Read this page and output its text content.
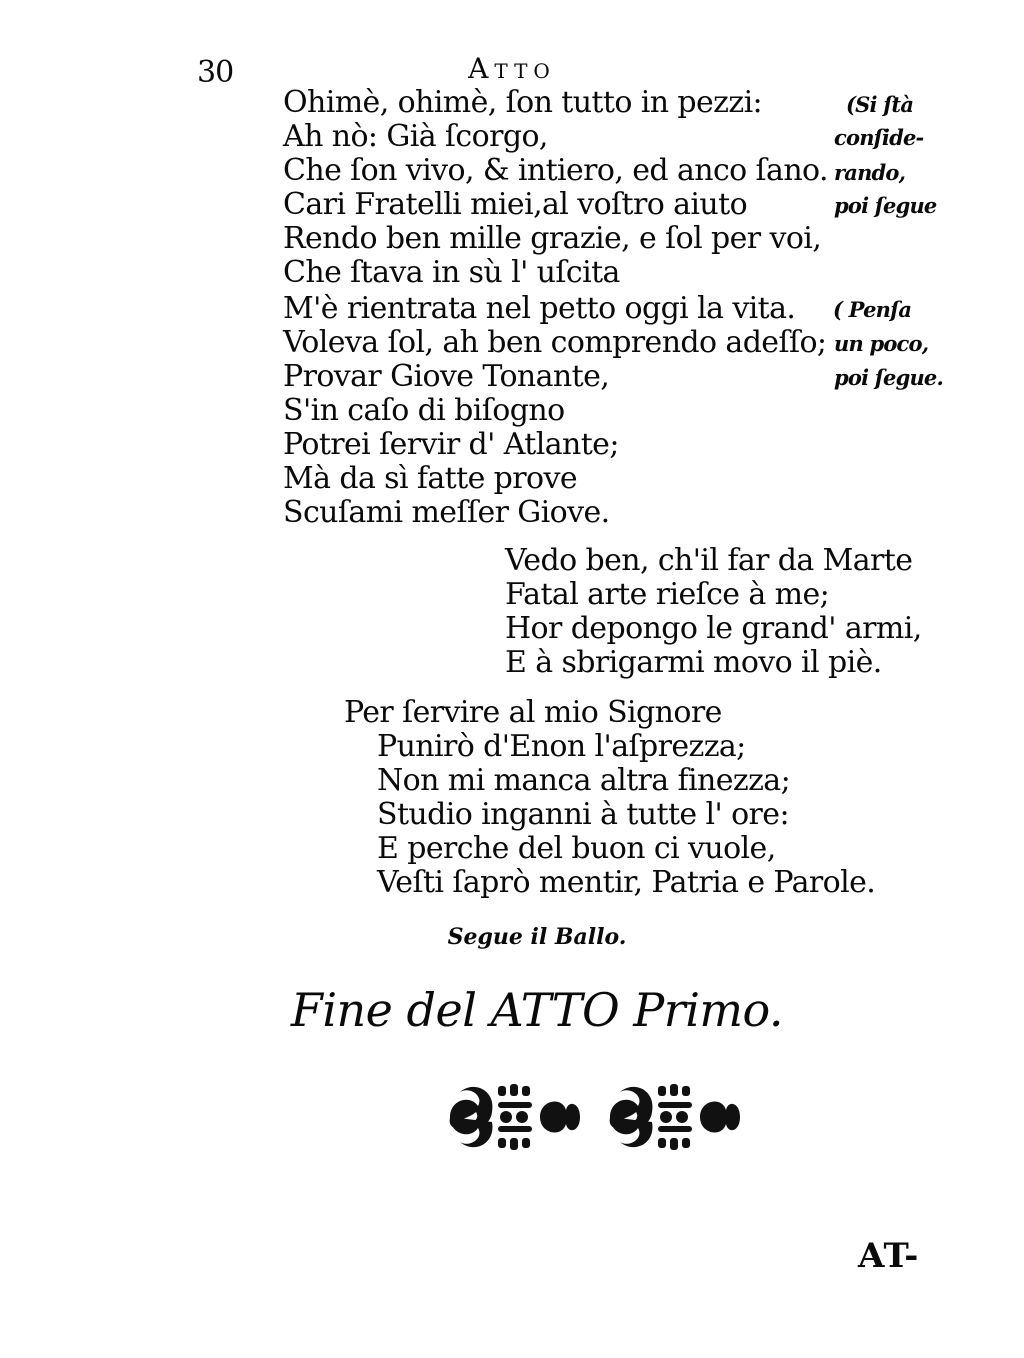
30	Atto
Ohimè, ohimè, ſon tutto in pezzi:
Ah nò: Già ſcorgo,
Che ſon vivo, & intiero, ed anco ſano.
Cari Fratelli miei,al voſtro aiuto
Rendo ben mille grazie, e ſol per voi,
Che ſtava in sù l' uſcita
M'è rientrata nel petto oggi la vita.
Voleva ſol, ah ben comprendo adeſſo;
Provar Giove Tonante,
S'in caſo di biſogno
Potrei ſervir d' Atlante;
Mà da sì fatte prove
Scuſami meſſer Giove.
(Si ſtà
conſide-
rando,
poi ſegue
( Penſa
un poco,
poi ſegue.
Vedo ben, ch'il far da Marte
Fatal arte rieſce à me;
Hor depongo le grand' armi,
E à sbrigarmi movo il piè.
Per ſervire al mio Signore
Punirò d'Enon l'aſprezza;
Non mi manca altra finezza;
Studio inganni à tutte l' ore:
E perche del buon ci vuole,
Veſti ſaprò mentir, Patria e Parole.
Segue il Ballo.
Fine del ATTO Primo.
AT-
